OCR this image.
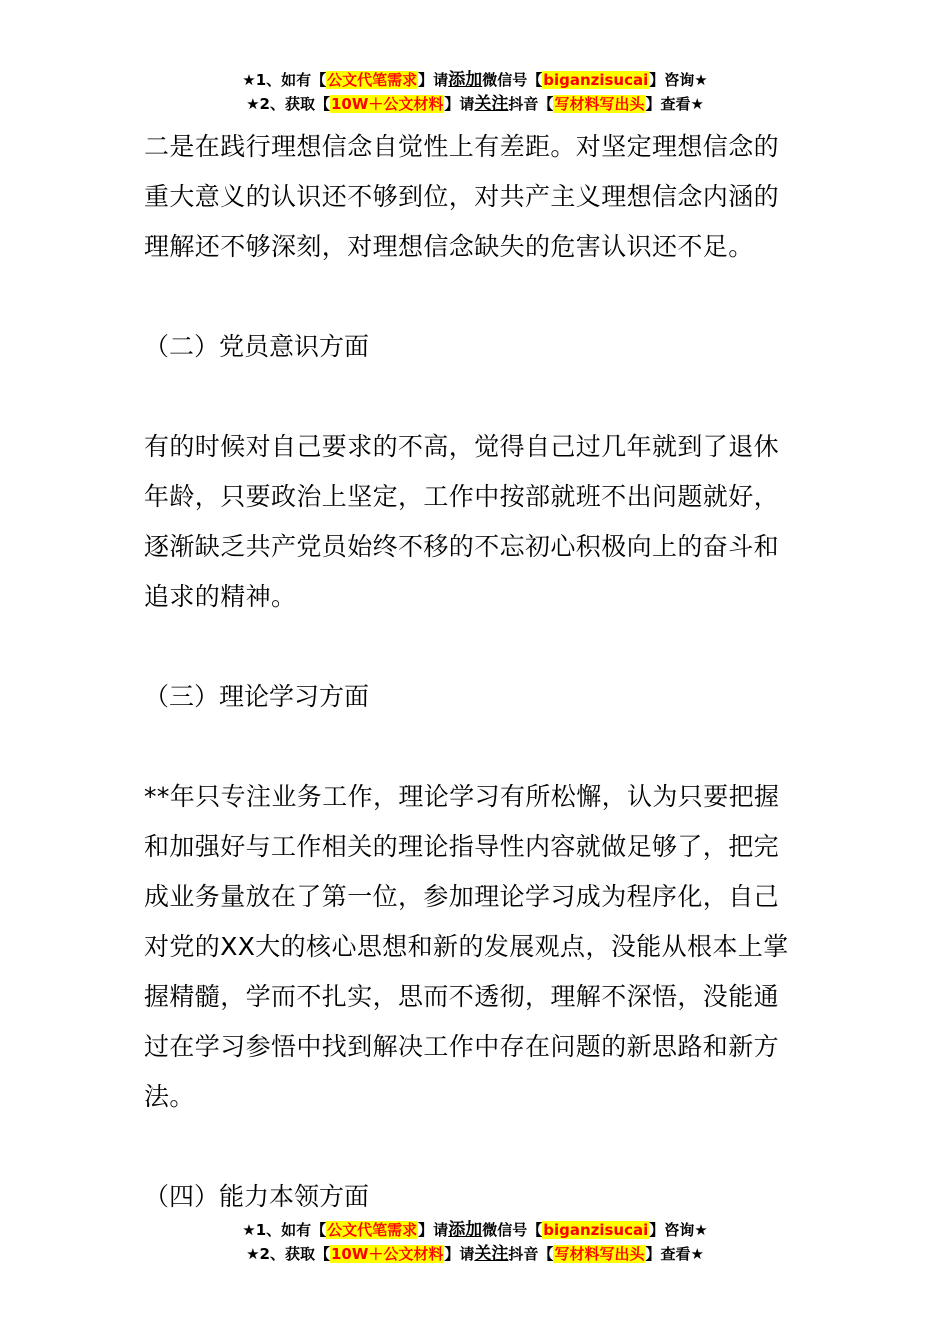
★1、如有【公文代笔需求】请添加微信号【biganzisucai】咨询★
★2、获取【10W＋公文材料】请关注抖音【写材料写出头】查看★
二是在践行理想信念自觉性上有差距。对坚定理想信念的
重大意义的认识还不够到位，对共产主义理想信念内涵的
理解还不够深刻，对理想信念缺失的危害认识还不足。
（二）党员意识方面
有的时候对自己要求的不高，觉得自己过几年就到了退休
年龄，只要政治上坚定，工作中按部就班不出问题就好，
逐渐缺乏共产党员始终不移的不忘初心积极向上的奋斗和
追求的精神。
（三）理论学习方面
**年只专注业务工作，理论学习有所松懈，认为只要把握
和加强好与工作相关的理论指导性内容就做足够了，把完
成业务量放在了第一位，参加理论学习成为程序化，自己
对党的XX大的核心思想和新的发展观点，没能从根本上掌
握精髓，学而不扎实，思而不透彻，理解不深悟，没能通
过在学习参悟中找到解决工作中存在问题的新思路和新方
法。
（四）能力本领方面
★1、如有【公文代笔需求】请添加微信号【biganzisucai】咨询★
★2、获取【10W＋公文材料】请关注抖音【写材料写出头】查看★
